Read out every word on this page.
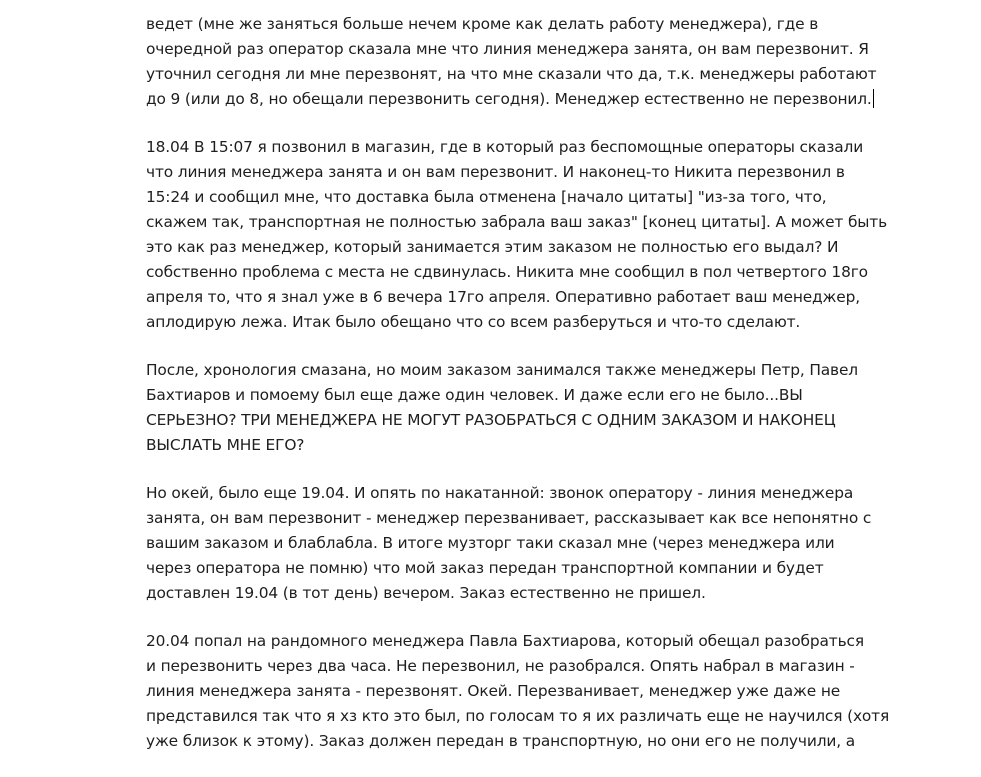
ведет (мне же заняться больше нечем кроме как делать работу менеджера), где в
очередной раз оператор сказала мне что линия менеджера занята, он вам перезвонит. Я
уточнил сегодня ли мне перезвонят, на что мне сказали что да, т.к. менеджеры работают
до 9 (или до 8, но обещали перезвонить сегодня). Менеджер естественно не перезвонил.
18.04 В 15:07 я позвонил в магазин, где в который раз беспомощные операторы сказали
что линия менеджера занята и он вам перезвонит. И наконец-то Никита перезвонил в
15:24 и сообщил мне, что доставка была отменена [начало цитаты] "из-за того, что,
скажем так, транспортная не полностью забрала ваш заказ" [конец цитаты]. А может быть
это как раз менеджер, который занимается этим заказом не полностью его выдал? И
собственно проблема с места не сдвинулась. Никита мне сообщил в пол четвертого 18го
апреля то, что я знал уже в 6 вечера 17го апреля. Оперативно работает ваш менеджер,
аплодирую лежа. Итак было обещано что со всем разберуться и что-то сделают.
После, хронология смазана, но моим заказом занимался также менеджеры Петр, Павел
Бахтиаров и помоему был еще даже один человек. И даже если его не было...ВЫ
СЕРЬЕЗНО? ТРИ МЕНЕДЖЕРА НЕ МОГУТ РАЗОБРАТЬСЯ С ОДНИМ ЗАКАЗОМ И НАКОНЕЦ
ВЫСЛАТЬ МНЕ ЕГО?
Но окей, было еще 19.04. И опять по накатанной: звонок оператору - линия менеджера
занята, он вам перезвонит - менеджер перезванивает, рассказывает как все непонятно с
вашим заказом и блаблабла. В итоге музторг таки сказал мне (через менеджера или
через оператора не помню) что мой заказ передан транспортной компании и будет
доставлен 19.04 (в тот день) вечером. Заказ естественно не пришел.
20.04 попал на рандомного менеджера Павла Бахтиарова, который обещал разобраться
и перезвонить через два часа. Не перезвонил, не разобрался. Опять набрал в магазин -
линия менеджера занята - перезвонят. Окей. Перезванивает, менеджер уже даже не
представился так что я хз кто это был, по голосам то я их различать еще не научился (хотя
уже близок к этому). Заказ должен передан в транспортную, но они его не получили, а
